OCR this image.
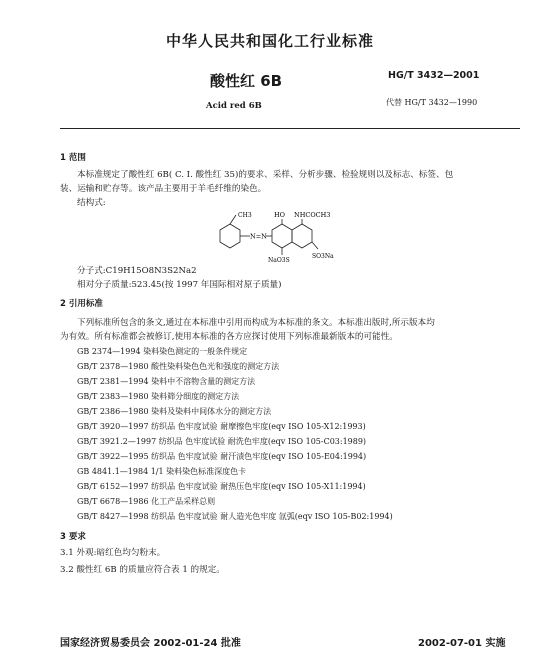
中华人民共和国化工行业标准
酸性红 6B	HG/T 3432—2001
Acid red 6B	代替 HG/T 3432—1990
1 范围
本标准规定了酸性红 6B( C. I. 酸性红 35)的要求、采样、分析步骤、检验规则以及标志、标签、包
装、运输和贮存等。该产品主要用于羊毛纤维的染色。
结构式:
CH3
N=N
HO NHCOCH3
NaO3S
SO3Na
分子式:C19H15O8N3S2Na2
相对分子质量:523.45(按 1997 年国际相对原子质量)
2 引用标准
下列标准所包含的条文,通过在本标准中引用而构成为本标准的条文。本标准出版时,所示版本均
为有效。所有标准都会被修订,使用本标准的各方应探讨使用下列标准最新版本的可能性。
GB 2374—1994 染料染色测定的一般条件规定
GB/T 2378—1980 酸性染料染色色光和强度的测定方法
GB/T 2381—1994 染料中不溶物含量的测定方法
GB/T 2383—1980 染料筛分细度的测定方法
GB/T 2386—1980 染料及染料中间体水分的测定方法
GB/T 3920—1997 纺织品 色牢度试验 耐摩擦色牢度(eqv ISO 105-X12:1993)
GB/T 3921.2—1997 纺织品 色牢度试验 耐洗色牢度(eqv ISO 105-C03:1989)
GB/T 3922—1995 纺织品 色牢度试验 耐汗渍色牢度(eqv ISO 105-E04:1994)
GB 4841.1—1984 1/1 染料染色标准深度色卡
GB/T 6152—1997 纺织品 色牢度试验 耐热压色牢度(eqv ISO 105-X11:1994)
GB/T 6678—1986 化工产品采样总则
GB/T 8427—1998 纺织品 色牢度试验 耐人造光色牢度 氙弧(eqv ISO 105-B02:1994)
3 要求
3.1 外观:暗红色均匀粉末。
3.2 酸性红 6B 的质量应符合表 1 的规定。
国家经济贸易委员会 2002-01-24 批准	2002-07-01 实施
